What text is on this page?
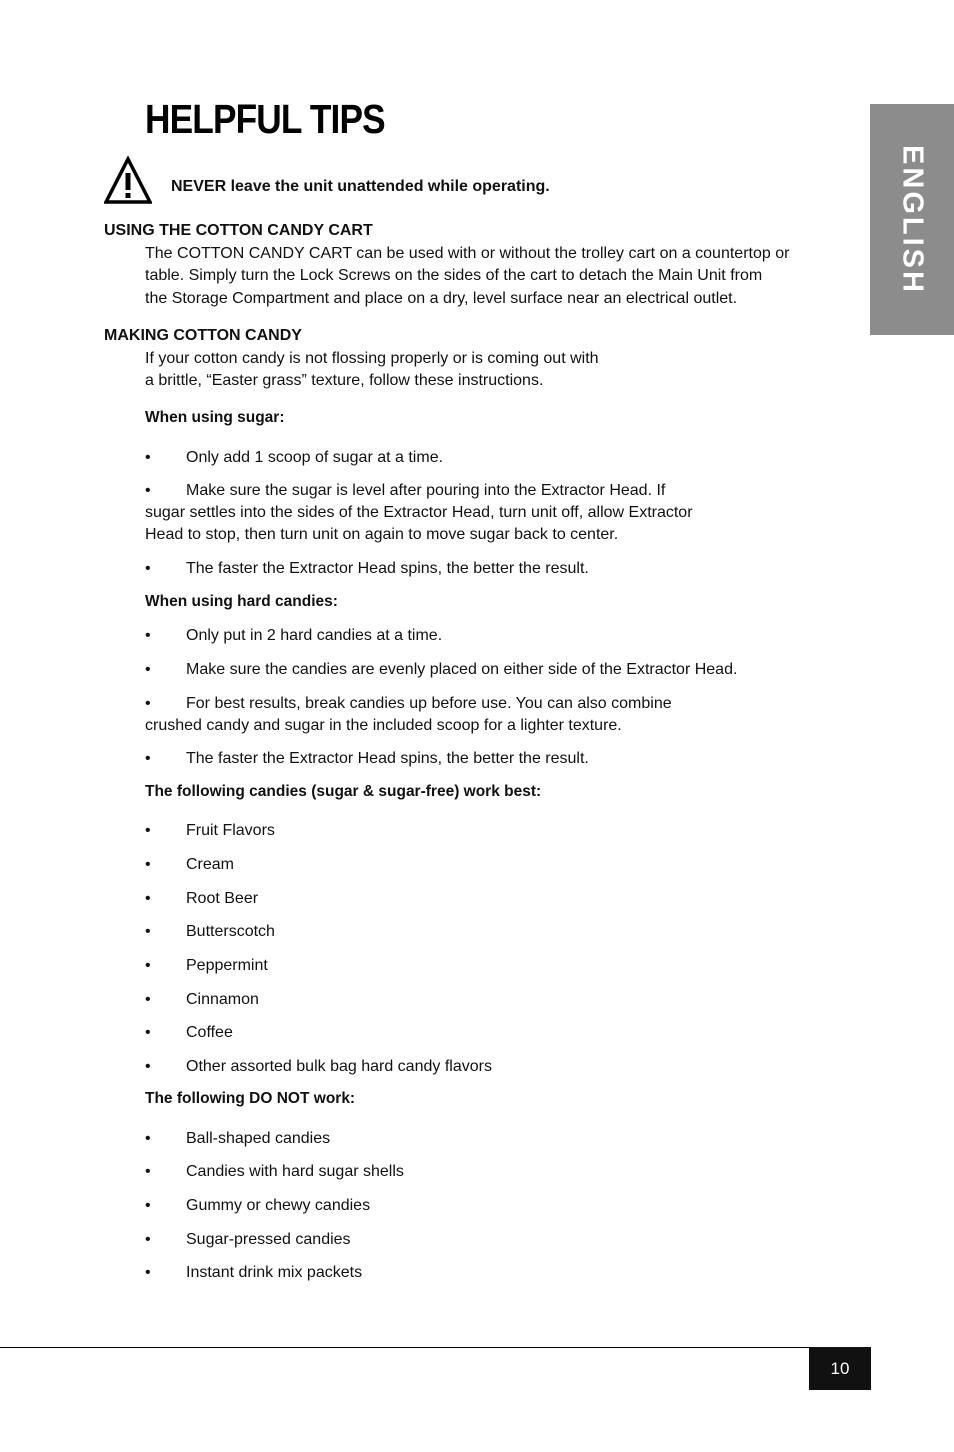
HELPFUL TIPS
ENGLISH
NEVER leave the unit unattended while operating.
USING THE COTTON CANDY CART

The COTTON CANDY CART can be used with or without the trolley cart on a countertop or

table. Simply turn the Lock Screws on the sides of the cart to detach the Main Unit from

the Storage Compartment and place on a dry, level surface near an electrical outlet.

MAKING COTTON CANDY

If your cotton candy is not flossing properly or is coming out with

a brittle, “Easter grass” texture, follow these instructions.

When using sugar:
• Only add 1 scoop of sugar at a time.
• Make sure the sugar is level after pouring into the Extractor Head. If
sugar settles into the sides of the Extractor Head, turn unit off, allow Extractor
Head to stop, then turn unit on again to move sugar back to center.
• The faster the Extractor Head spins, the better the result.
When using hard candies:
• Only put in 2 hard candies at a time.
• Make sure the candies are evenly placed on either side of the Extractor Head.
• For best results, break candies up before use. You can also combine
crushed candy and sugar in the included scoop for a lighter texture.
• The faster the Extractor Head spins, the better the result.
The following candies (sugar & sugar-free) work best:
• Fruit Flavors
• Cream
• Root Beer
• Butterscotch
• Peppermint
• Cinnamon
• Coffee
• Other assorted bulk bag hard candy flavors
The following DO NOT work:
• Ball-shaped candies
• Candies with hard sugar shells
• Gummy or chewy candies
• Sugar-pressed candies
• Instant drink mix packets
10
